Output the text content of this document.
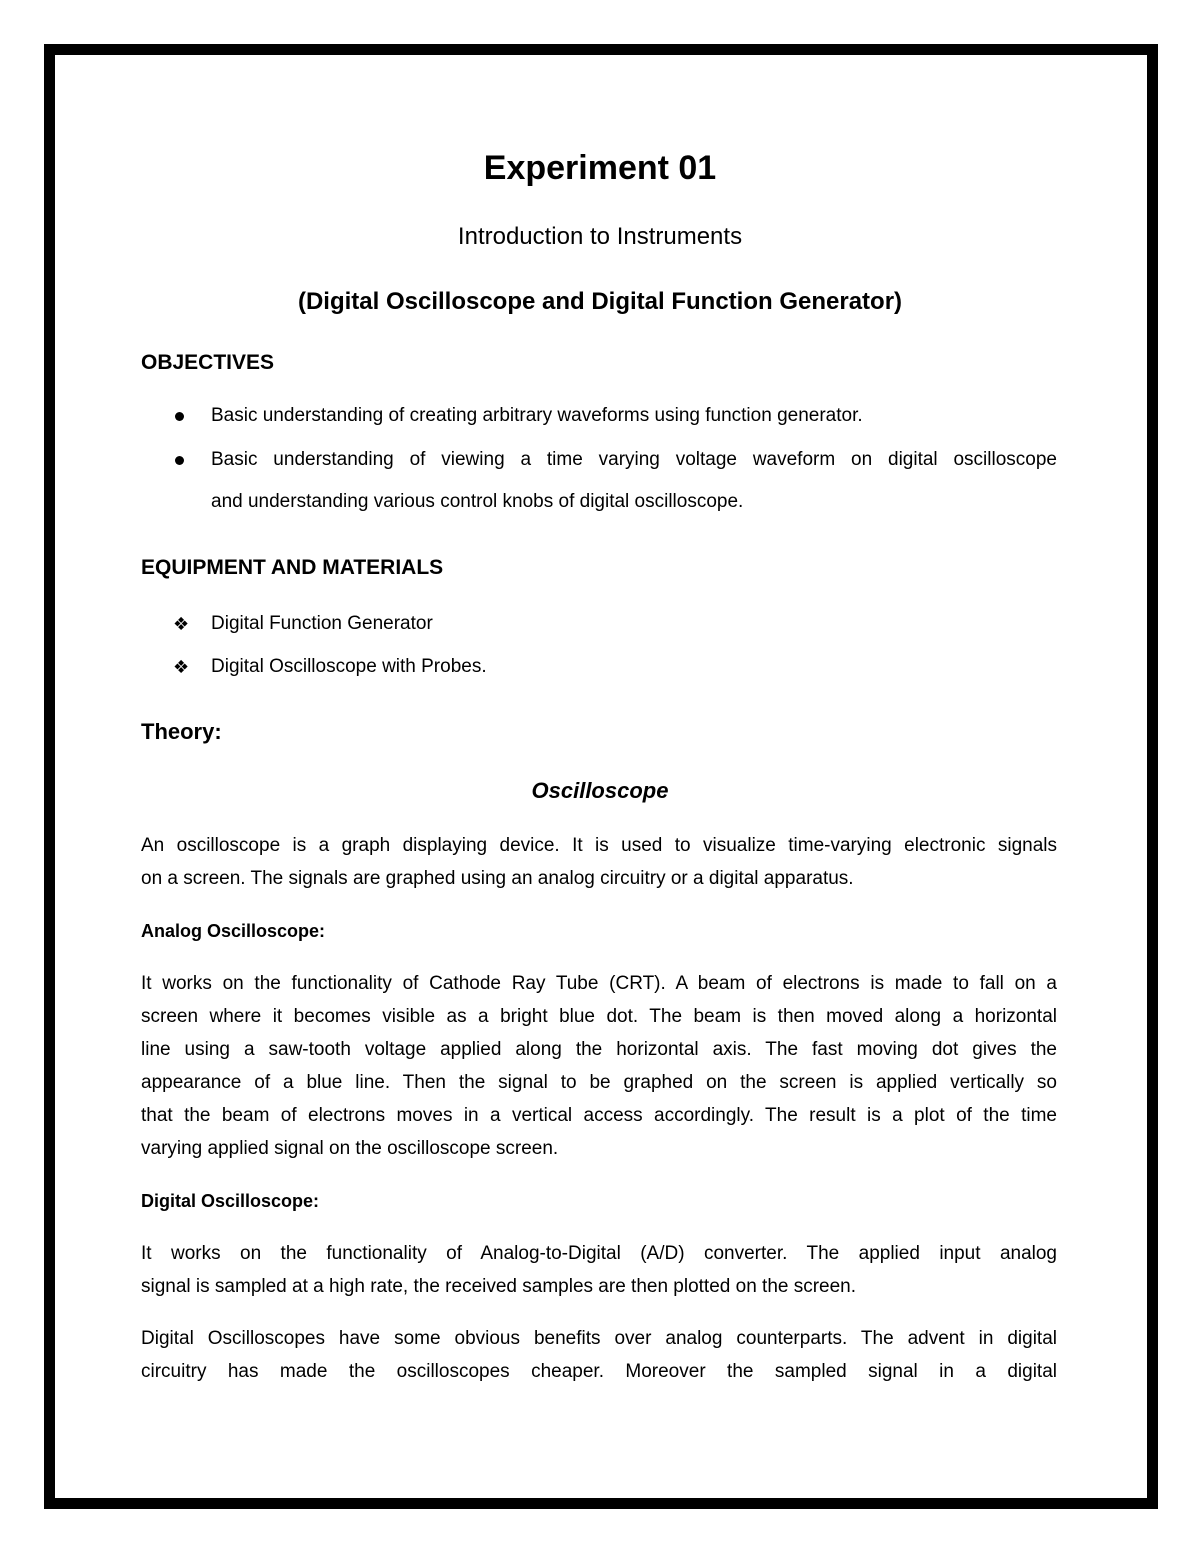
Experiment 01
Introduction to Instruments
(Digital Oscilloscope and Digital Function Generator)
OBJECTIVES
Basic understanding of creating arbitrary waveforms using function generator.
Basic understanding of viewing a time varying voltage waveform on digital oscilloscope
and understanding various control knobs of digital oscilloscope.
EQUIPMENT AND MATERIALS
❖ Digital Function Generator
❖ Digital Oscilloscope with Probes.
Theory:
Oscilloscope
An oscilloscope is a graph displaying device. It is used to visualize time-varying electronic signals
on a screen. The signals are graphed using an analog circuitry or a digital apparatus.
Analog Oscilloscope:
It works on the functionality of Cathode Ray Tube (CRT). A beam of electrons is made to fall on a
screen where it becomes visible as a bright blue dot. The beam is then moved along a horizontal
line using a saw-tooth voltage applied along the horizontal axis. The fast moving dot gives the
appearance of a blue line. Then the signal to be graphed on the screen is applied vertically so
that the beam of electrons moves in a vertical access accordingly. The result is a plot of the time
varying applied signal on the oscilloscope screen.
Digital Oscilloscope:
It works on the functionality of Analog-to-Digital (A/D) converter. The applied input analog
signal is sampled at a high rate, the received samples are then plotted on the screen.
Digital Oscilloscopes have some obvious benefits over analog counterparts. The advent in digital
circuitry has made the oscilloscopes cheaper. Moreover the sampled signal in a digital
